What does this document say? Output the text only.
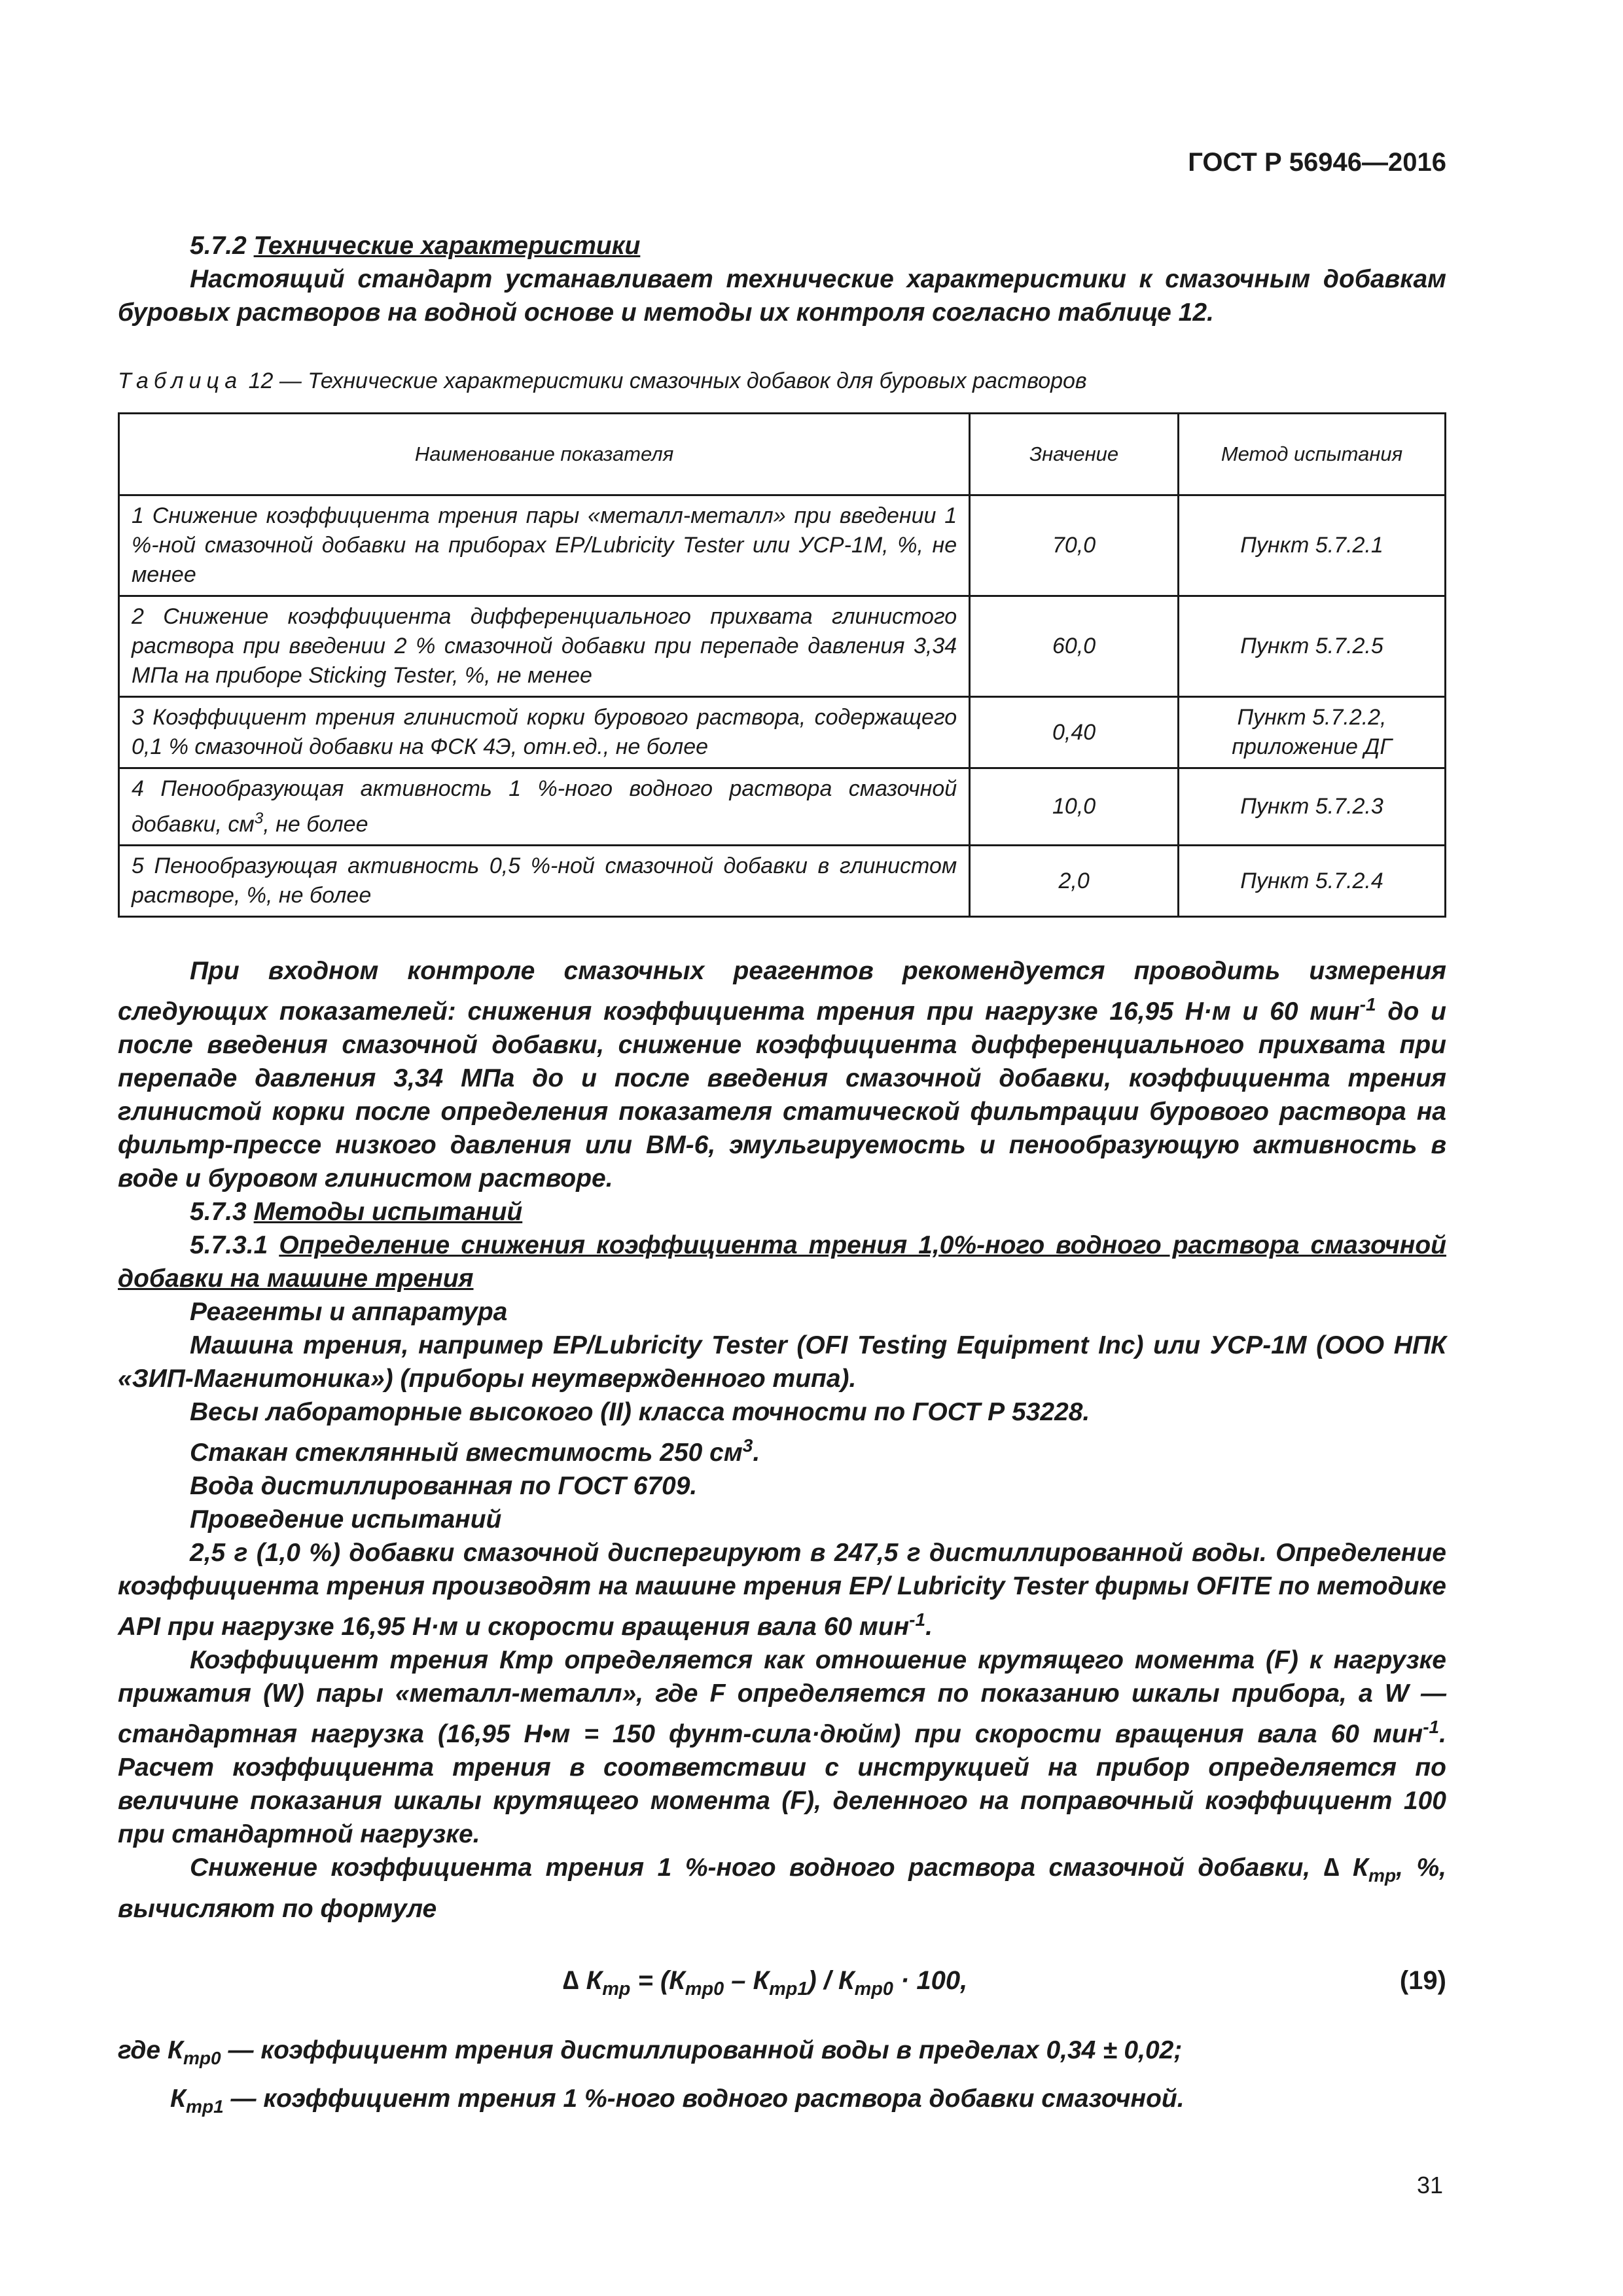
ГОСТ Р 56946—2016

5.7.2 Технические характеристики

Настоящий стандарт устанавливает технические характеристики к смазочным добавкам буровых растворов на водной основе и методы их контроля согласно таблице 12.

Таблица 12 — Технические характеристики смазочных добавок для буровых растворов
Наименование показателя	Значение	Метод испытания
1 Снижение коэффициента трения пары «металл-металл» при введении 1 %-ной смазочной добавки на приборах EP/Lubricity Tester или УСР-1М, %, не менее	70,0	Пункт 5.7.2.1
2 Снижение коэффициента дифференциального прихвата глинистого раствора при введении 2 % смазочной добавки при перепаде давления 3,34 МПа на приборе Sticking Tester, %, не менее	60,0	Пункт 5.7.2.5
3 Коэффициент трения глинистой корки бурового раствора, содержащего 0,1 % смазочной добавки на ФСК 4Э, отн.ед., не более	0,40	Пункт 5.7.2.2, приложение ДГ
4 Пенообразующая активность 1 %-ного водного раствора смазочной добавки, $см^3$, не более	10,0	Пункт 5.7.2.3
5 Пенообразующая активность 0,5 %-ной смазочной добавки в глинистом растворе, %, не более	2,0	Пункт 5.7.2.4

При входном контроле смазочных реагентов рекомендуется проводить измерения следующих показателей: снижения коэффициента трения при нагрузке 16,95 Н·м и 60 мин$^{-1}$ до и после введения смазочной добавки, снижение коэффициента дифференциального прихвата при перепаде давления 3,34 МПа до и после введения смазочной добавки, коэффициента трения глинистой корки после определения показателя статической фильтрации бурового раствора на фильтр-прессе низкого давления или ВМ-6, эмульгируемость и пенообразующую активность в воде и буровом глинистом растворе.

5.7.3 Методы испытаний

5.7.3.1 Определение снижения коэффициента трения 1,0%-ного водного раствора смазочной добавки на машине трения

Реагенты и аппаратура

Машина трения, например EP/Lubricity Tester (OFI Testing Equipment Inc) или УСР-1М (ООО НПК «ЗИП-Магнитоника») (приборы неутвержденного типа).

Весы лабораторные высокого (II) класса точности по ГОСТ Р 53228.

Стакан стеклянный вместимость 250 $см^3$.

Вода дистиллированная по ГОСТ 6709.

Проведение испытаний

2,5 г (1,0 %) добавки смазочной диспергируют в 247,5 г дистиллированной воды. Определение коэффициента трения производят на машине трения EP/ Lubricity Tester фирмы OFITE по методике API при нагрузке 16,95 Н·м и скорости вращения вала 60 мин$^{-1}$.

Коэффициент трения Ктр определяется как отношение крутящего момента (F) к нагрузке прижатия (W) пары «металл-металл», где F определяется по показанию шкалы прибора, а W — стандартная нагрузка (16,95 Н•м = 150 фунт-сила·дюйм) при скорости вращения вала 60 мин$^{-1}$. Расчет коэффициента трения в соответствии с инструкцией на прибор определяется по величине показания шкалы крутящего момента (F), деленного на поправочный коэффициент 100 при стандартной нагрузке.

Снижение коэффициента трения 1 %-ного водного раствора смазочной добавки, ∆ $К_{тр}$, %, вычисляют по формуле

∆ $К_{тр} = (К_{тр0} - К_{тр1}) / К_{тр0} \cdot 100$,	(19)
где $К_{тр0}$ — коэффициент трения дистиллированной воды в пределах 0,34 ± 0,02;
$К_{тр1}$ — коэффициент трения 1 %-ного водного раствора добавки смазочной.
31
